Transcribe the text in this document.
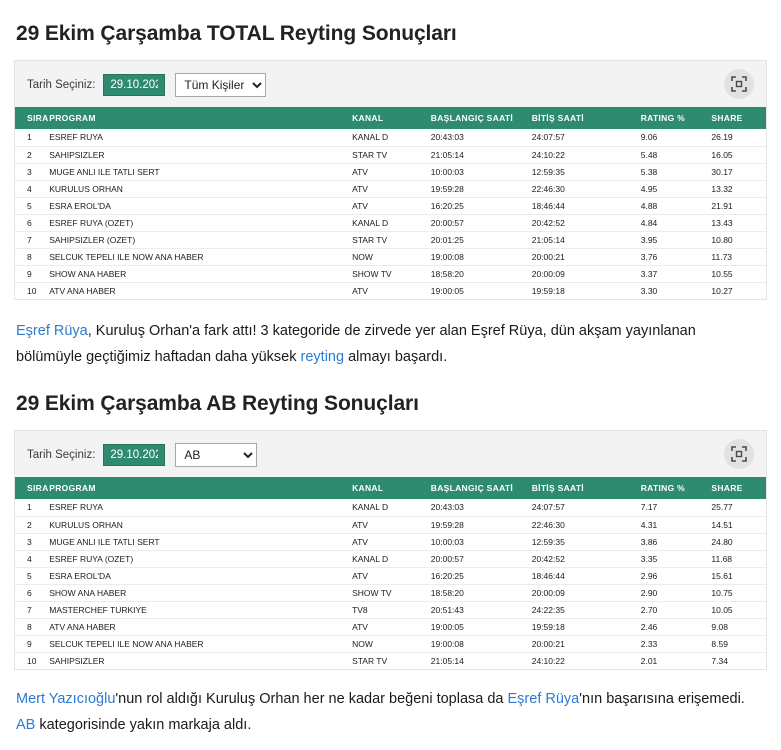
29 Ekim Çarşamba TOTAL Reyting Sonuçları
Tarih Seçiniz:
29.10.2025
Tüm Kişiler
SIRA	PROGRAM	KANAL	BAŞLANGIÇ SAATİ	BİTİŞ SAATİ	RATING %	SHARE
1	ESREF RUYA	KANAL D	20:43:03	24:07:57	9.06	26.19
2	SAHIPSIZLER	STAR TV	21:05:14	24:10:22	5.48	16.05
3	MUGE ANLI ILE TATLI SERT	ATV	10:00:03	12:59:35	5.38	30.17
4	KURULUS ORHAN	ATV	19:59:28	22:46:30	4.95	13.32
5	ESRA EROL'DA	ATV	16:20:25	18:46:44	4.88	21.91
6	ESREF RUYA (OZET)	KANAL D	20:00:57	20:42:52	4.84	13.43
7	SAHIPSIZLER (OZET)	STAR TV	20:01:25	21:05:14	3.95	10.80
8	SELCUK TEPELI ILE NOW ANA HABER	NOW	19:00:08	20:00:21	3.76	11.73
9	SHOW ANA HABER	SHOW TV	18:58:20	20:00:09	3.37	10.55
10	ATV ANA HABER	ATV	19:00:05	19:59:18	3.30	10.27

Eşref Rüya, Kuruluş Orhan'a fark attı! 3 kategoride de zirvede yer alan Eşref Rüya, dün akşam yayınlanan bölümüyle geçtiğimiz haftadan daha yüksek reyting almayı başardı.

29 Ekim Çarşamba AB Reyting Sonuçları
Tarih Seçiniz:
29.10.2025
AB
SIRA	PROGRAM	KANAL	BAŞLANGIÇ SAATİ	BİTİŞ SAATİ	RATING %	SHARE
1	ESREF RUYA	KANAL D	20:43:03	24:07:57	7.17	25.77
2	KURULUS ORHAN	ATV	19:59:28	22:46:30	4.31	14.51
3	MUGE ANLI ILE TATLI SERT	ATV	10:00:03	12:59:35	3.86	24.80
4	ESREF RUYA (OZET)	KANAL D	20:00:57	20:42:52	3.35	11.68
5	ESRA EROL'DA	ATV	16:20:25	18:46:44	2.96	15.61
6	SHOW ANA HABER	SHOW TV	18:58:20	20:00:09	2.90	10.75
7	MASTERCHEF TURKIYE	TV8	20:51:43	24:22:35	2.70	10.05
8	ATV ANA HABER	ATV	19:00:05	19:59:18	2.46	9.08
9	SELCUK TEPELI ILE NOW ANA HABER	NOW	19:00:08	20:00:21	2.33	8.59
10	SAHIPSIZLER	STAR TV	21:05:14	24:10:22	2.01	7.34

Mert Yazıcıoğlu'nun rol aldığı Kuruluş Orhan her ne kadar beğeni toplasa da Eşref Rüya'nın başarısına erişemedi. AB kategorisinde yakın markaja aldı.
